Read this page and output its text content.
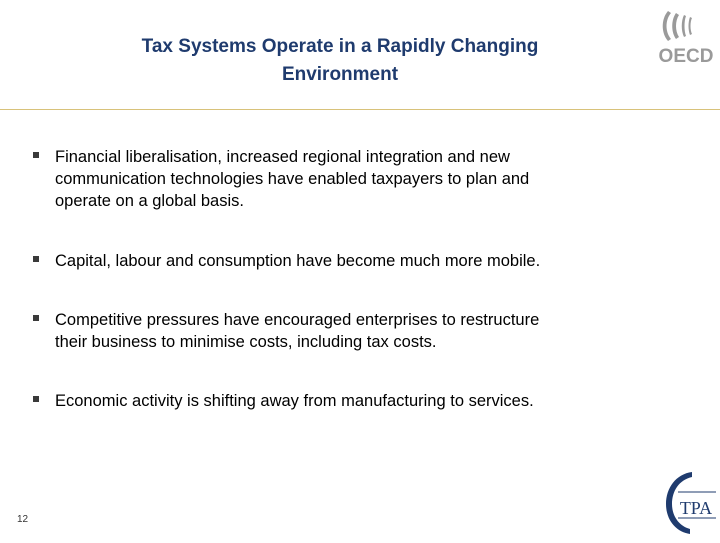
Tax Systems Operate in a Rapidly Changing
Environment
OECD
Financial liberalisation, increased regional integration and new
communication technologies have enabled taxpayers to plan and
operate on a global basis.
Capital, labour and consumption have become much more mobile.
Competitive pressures have encouraged enterprises to restructure
their business to minimise costs, including tax costs.
Economic activity is shifting away from manufacturing to services.
12
TPA
